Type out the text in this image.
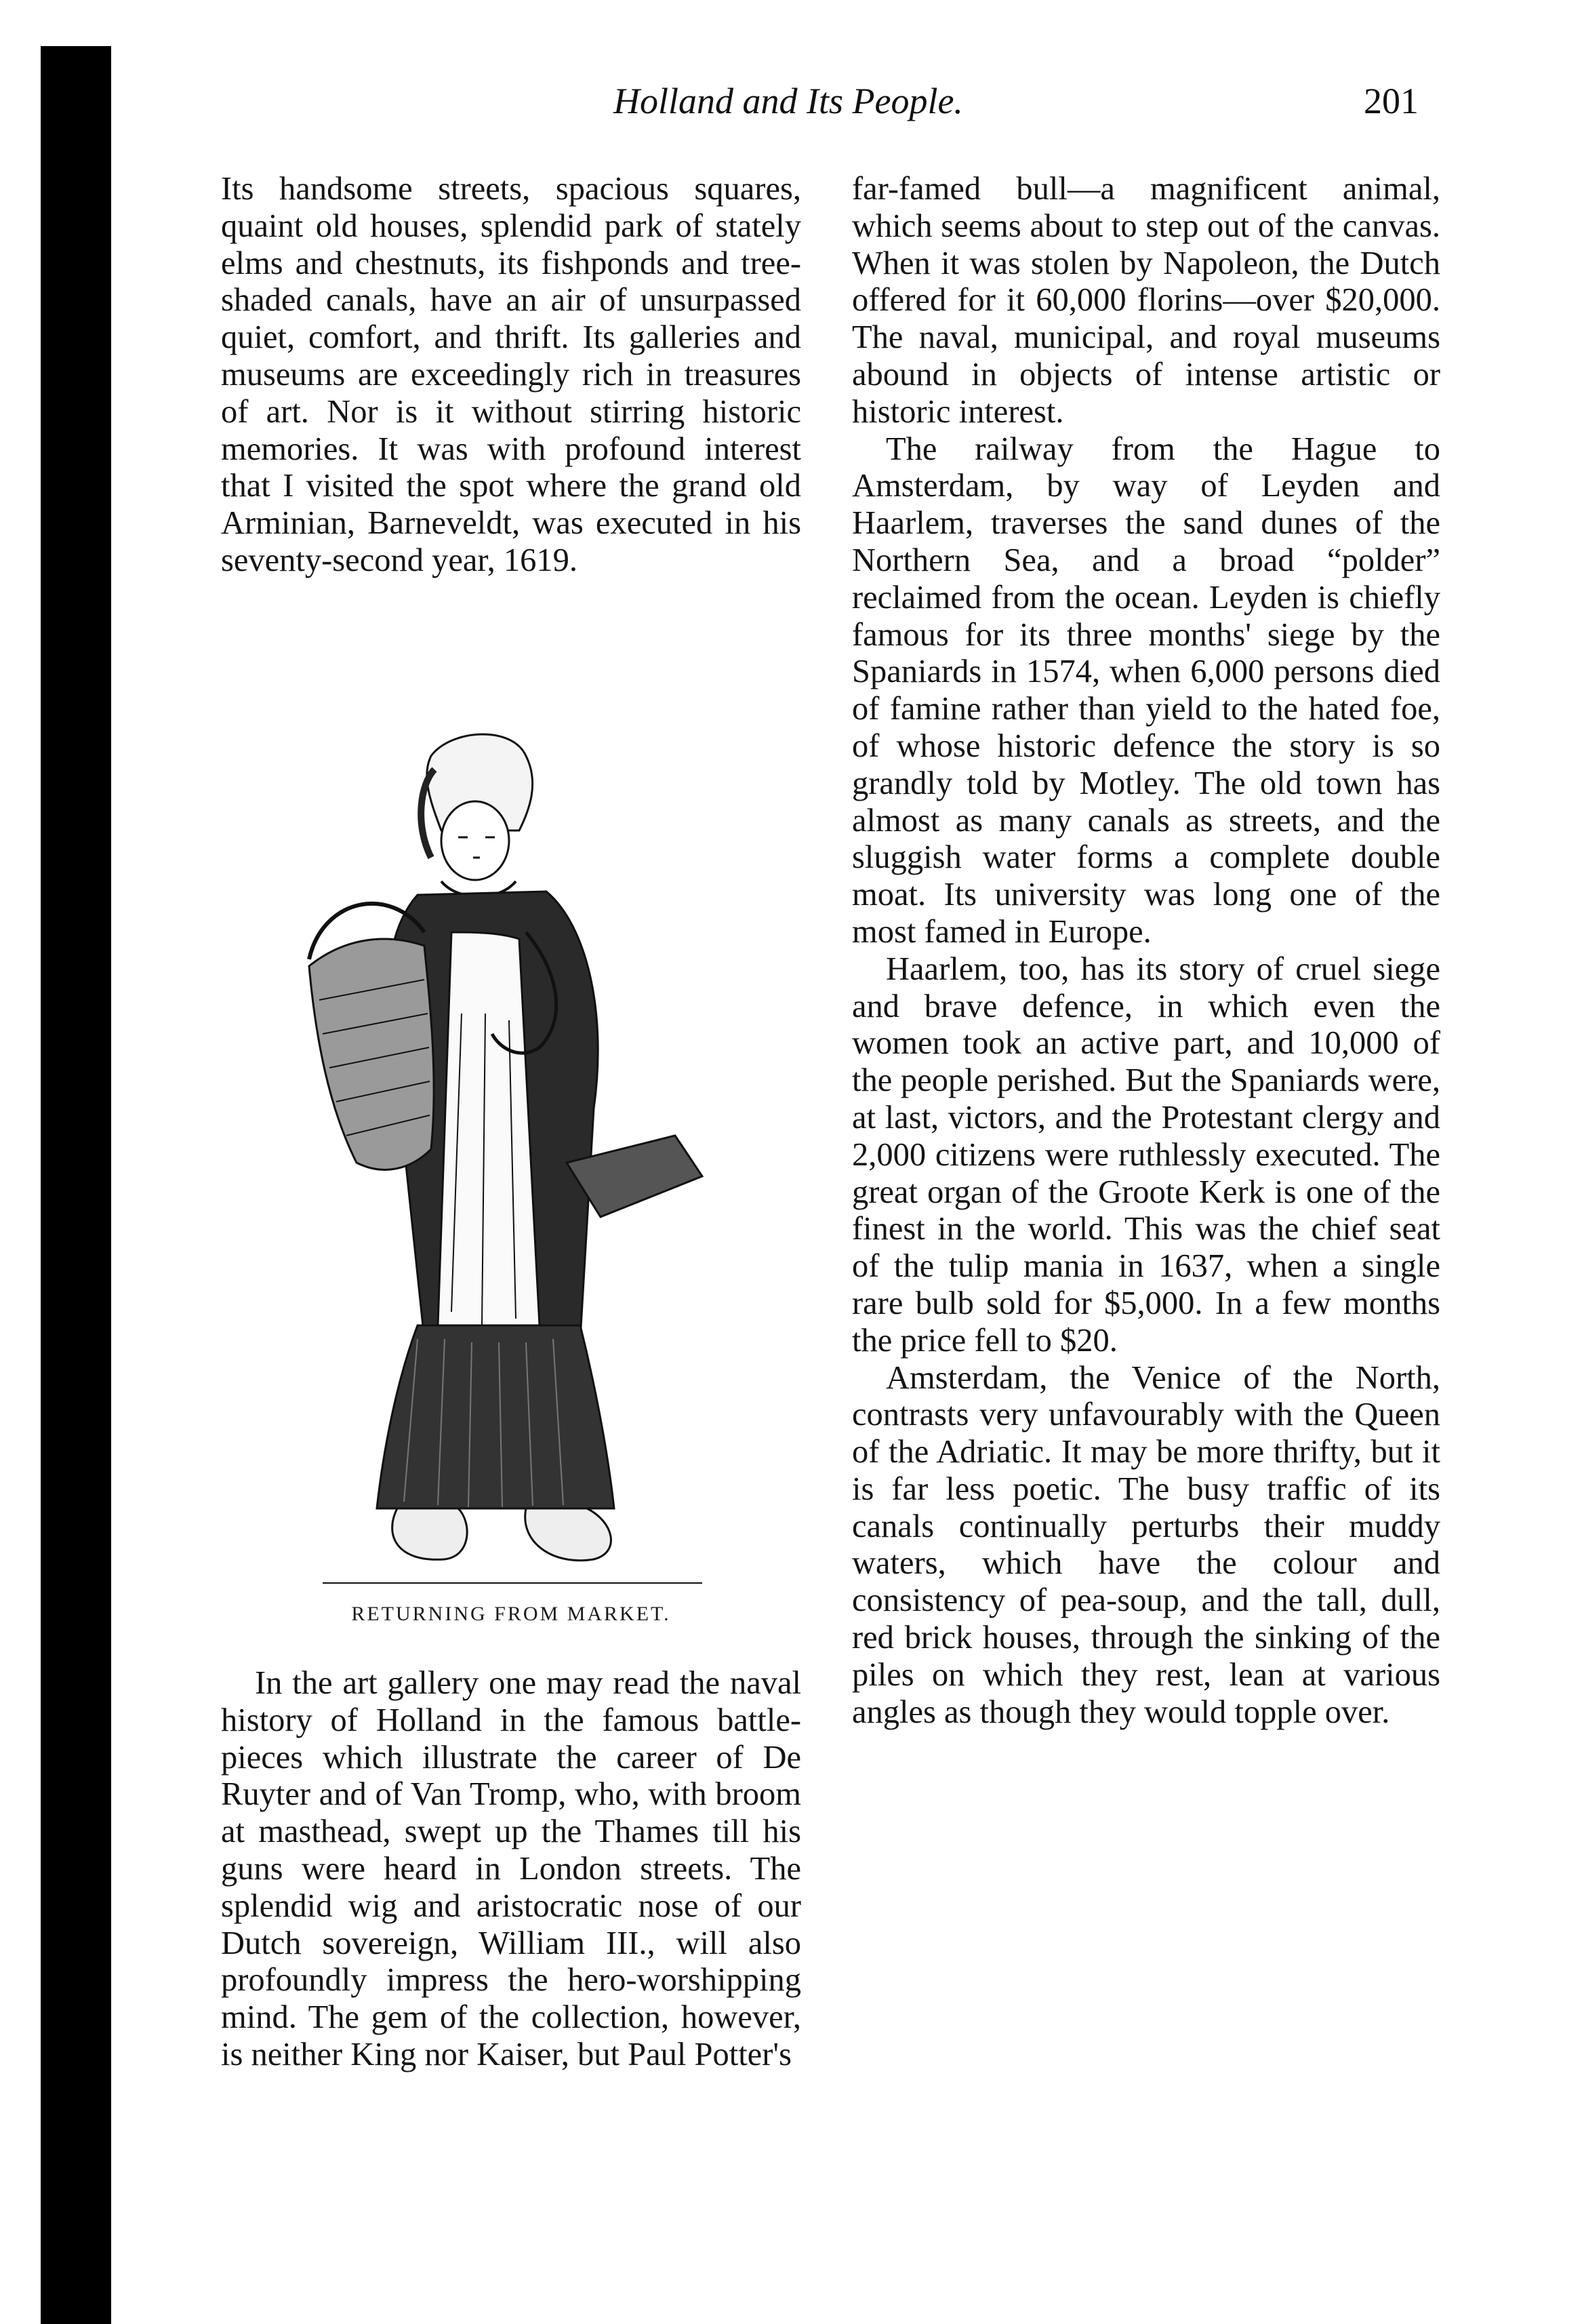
Holland and Its People.	201

Its handsome streets, spacious squares, quaint old houses, splendid park of stately elms and chestnuts, its fishponds and tree-shaded canals, have an air of unsurpassed quiet, comfort, and thrift. Its galleries and museums are exceedingly rich in treasures of art. Nor is it without stirring historic memories. It was with profound interest that I visited the spot where the grand old Arminian, Barneveldt, was executed in his seventy-second year, 1619.

RETURNING FROM MARKET.

In the art gallery one may read the naval history of Holland in the famous battle-pieces which illustrate the career of De Ruyter and of Van Tromp, who, with broom at masthead, swept up the Thames till his guns were heard in London streets. The splendid wig and aristocratic nose of our Dutch sovereign, William III., will also profoundly impress the hero-worshipping mind. The gem of the collection, however, is neither King nor Kaiser, but Paul Potter's

far-famed bull—a magnificent animal, which seems about to step out of the canvas. When it was stolen by Napoleon, the Dutch offered for it 60,000 florins—over $20,000. The naval, municipal, and royal museums abound in objects of intense artistic or historic interest.

The railway from the Hague to Amsterdam, by way of Leyden and Haarlem, traverses the sand dunes of the Northern Sea, and a broad “polder” reclaimed from the ocean. Leyden is chiefly famous for its three months' siege by the Spaniards in 1574, when 6,000 persons died of famine rather than yield to the hated foe, of whose historic defence the story is so grandly told by Motley. The old town has almost as many canals as streets, and the sluggish water forms a complete double moat. Its university was long one of the most famed in Europe.

Haarlem, too, has its story of cruel siege and brave defence, in which even the women took an active part, and 10,000 of the people perished. But the Spaniards were, at last, victors, and the Protestant clergy and 2,000 citizens were ruthlessly executed. The great organ of the Groote Kerk is one of the finest in the world. This was the chief seat of the tulip mania in 1637, when a single rare bulb sold for $5,000. In a few months the price fell to $20.

Amsterdam, the Venice of the North, contrasts very unfavourably with the Queen of the Adriatic. It may be more thrifty, but it is far less poetic. The busy traffic of its canals continually perturbs their muddy waters, which have the colour and consistency of pea-soup, and the tall, dull, red brick houses, through the sinking of the piles on which they rest, lean at various angles as though they would topple over.
